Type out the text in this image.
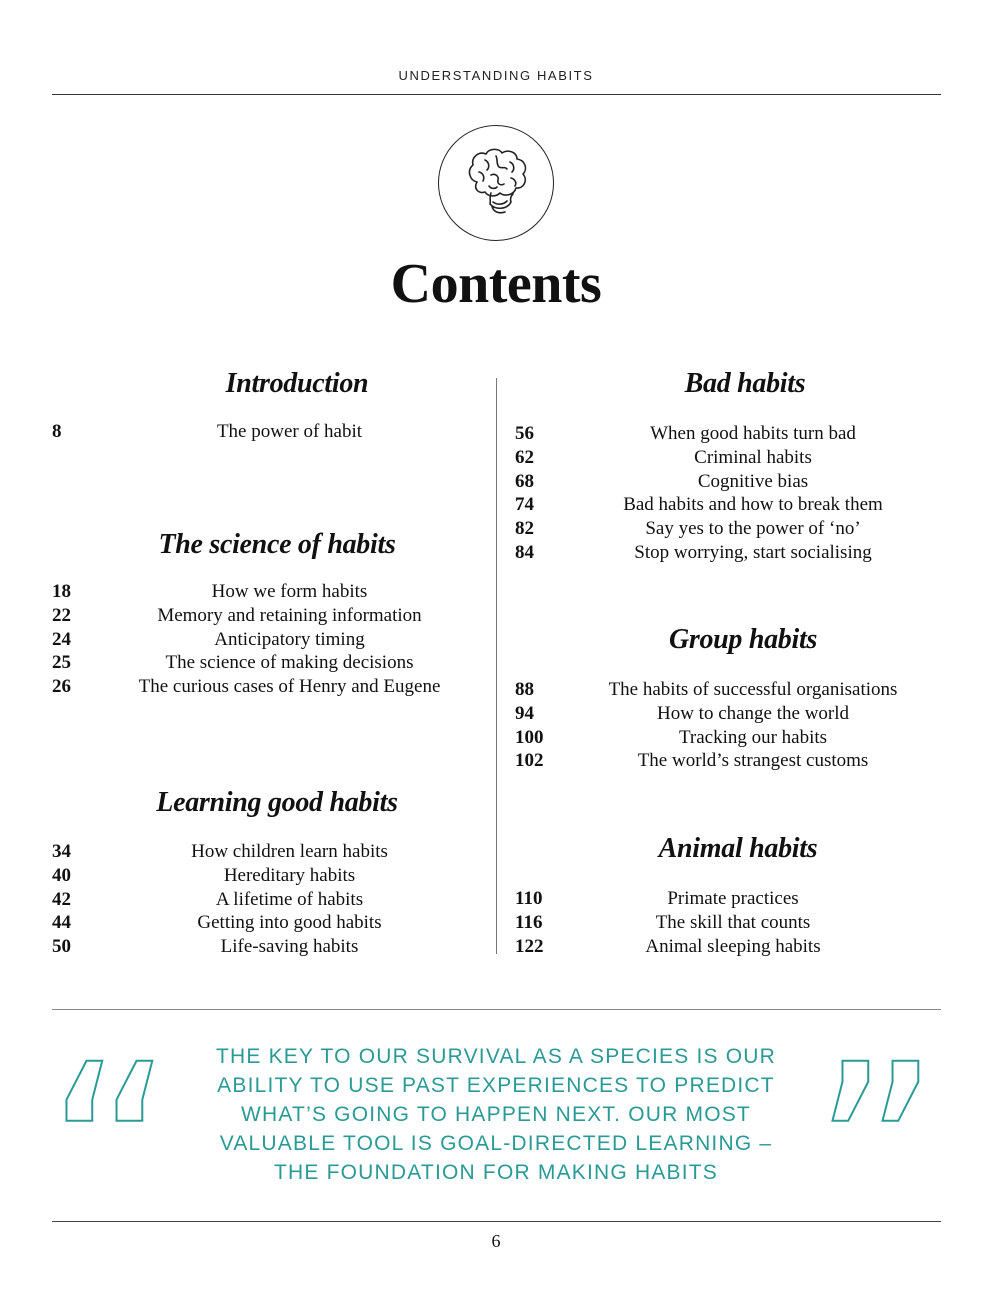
UNDERSTANDING HABITS
Contents
Introduction
8	The power of habit
The science of habits
18	How we form habits
22	Memory and retaining information
24	Anticipatory timing
25	The science of making decisions
26	The curious cases of Henry and Eugene
Learning good habits
34	How children learn habits
40	Hereditary habits
42	A lifetime of habits
44	Getting into good habits
50	Life-saving habits
Bad habits
56	When good habits turn bad
62	Criminal habits
68	Cognitive bias
74	Bad habits and how to break them
82	Say yes to the power of ‘no’
84	Stop worrying, start socialising
Group habits
88	The habits of successful organisations
94	How to change the world
100	Tracking our habits
102	The world’s strangest customs
Animal habits
110	Primate practices
116	The skill that counts
122	Animal sleeping habits
“	THE KEY TO OUR SURVIVAL AS A SPECIES IS OUR
ABILITY TO USE PAST EXPERIENCES TO PREDICT
WHAT’S GOING TO HAPPEN NEXT. OUR MOST
VALUABLE TOOL IS GOAL-DIRECTED LEARNING –
THE FOUNDATION FOR MAKING HABITS ”
6
